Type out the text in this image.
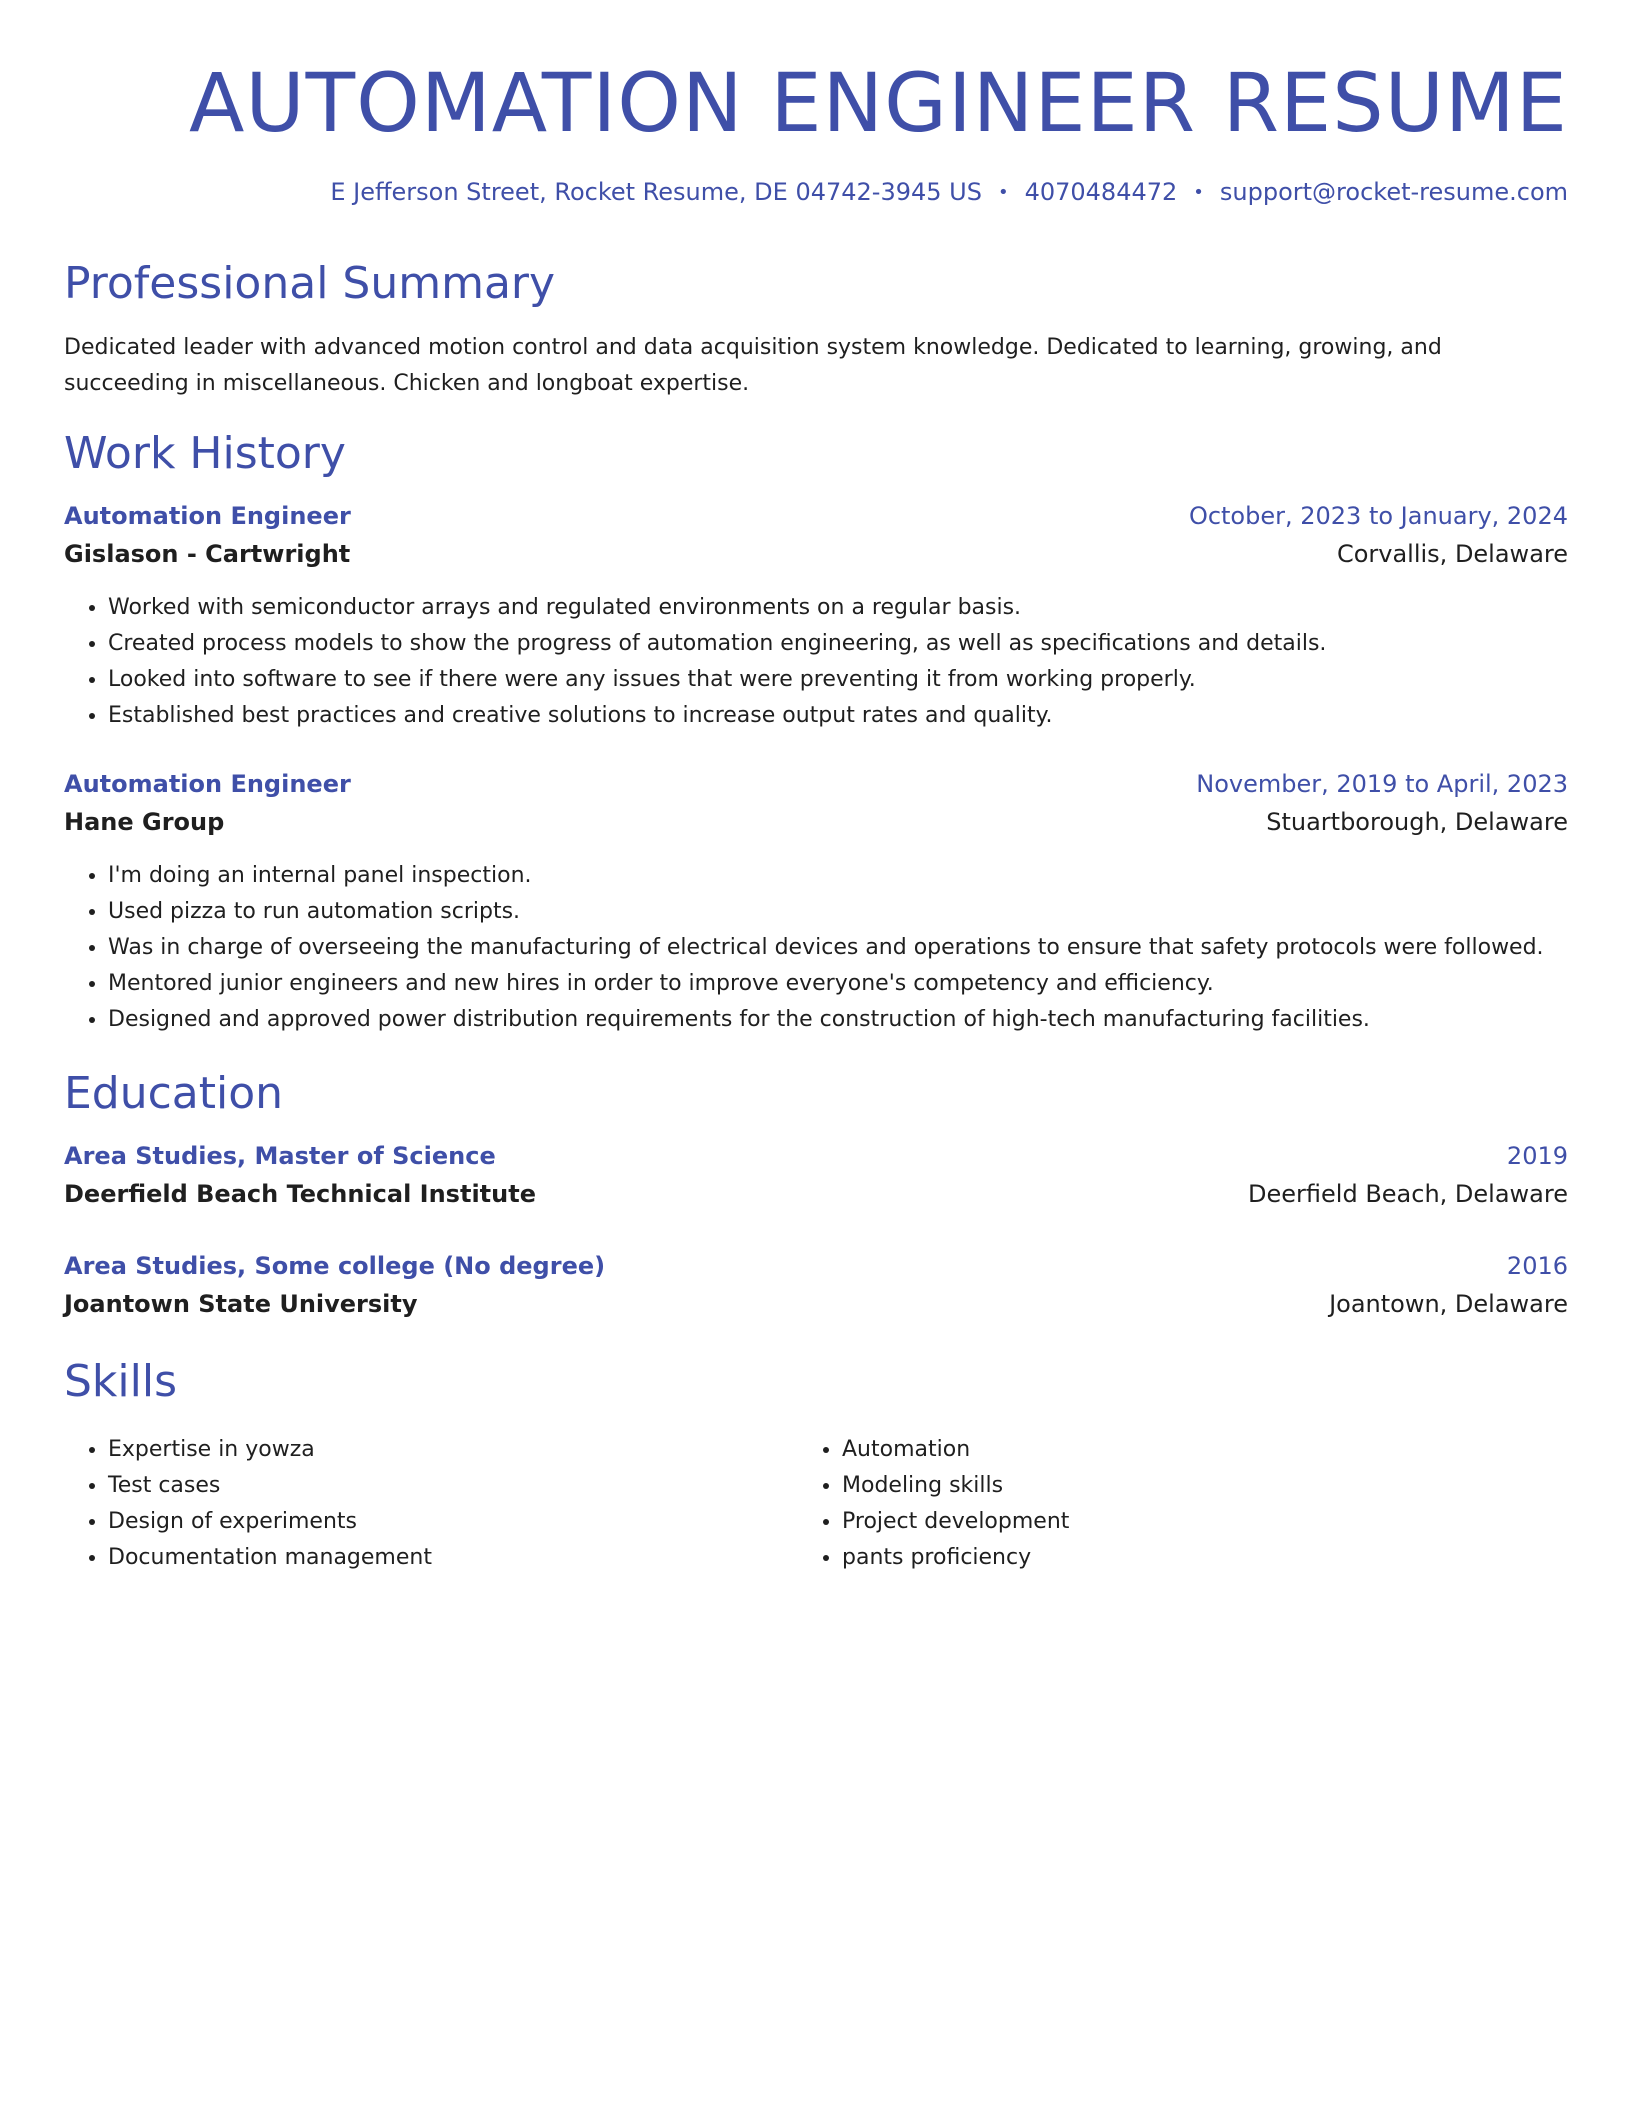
AUTOMATION ENGINEER RESUME
E Jefferson Street, Rocket Resume, DE 04742-3945 US • 4070484472 • support@rocket-resume.com
Professional Summary
Dedicated leader with advanced motion control and data acquisition system knowledge. Dedicated to learning, growing, and succeeding in miscellaneous. Chicken and longboat expertise.
Work History
Automation Engineer	October, 2023 to January, 2024
Gislason - Cartwright	Corvallis, Delaware
• Worked with semiconductor arrays and regulated environments on a regular basis.
• Created process models to show the progress of automation engineering, as well as specifications and details.
• Looked into software to see if there were any issues that were preventing it from working properly.
• Established best practices and creative solutions to increase output rates and quality.
Automation Engineer	November, 2019 to April, 2023
Hane Group	Stuartborough, Delaware
• I'm doing an internal panel inspection.
• Used pizza to run automation scripts.
• Was in charge of overseeing the manufacturing of electrical devices and operations to ensure that safety protocols were followed.
• Mentored junior engineers and new hires in order to improve everyone's competency and efficiency.
• Designed and approved power distribution requirements for the construction of high-tech manufacturing facilities.
Education
Area Studies, Master of Science	2019
Deerfield Beach Technical Institute	Deerfield Beach, Delaware
Area Studies, Some college (No degree)	2016
Joantown State University	Joantown, Delaware
Skills
• Expertise in yowza
• Test cases
• Design of experiments
• Documentation management
• Automation
• Modeling skills
• Project development
• pants proficiency
